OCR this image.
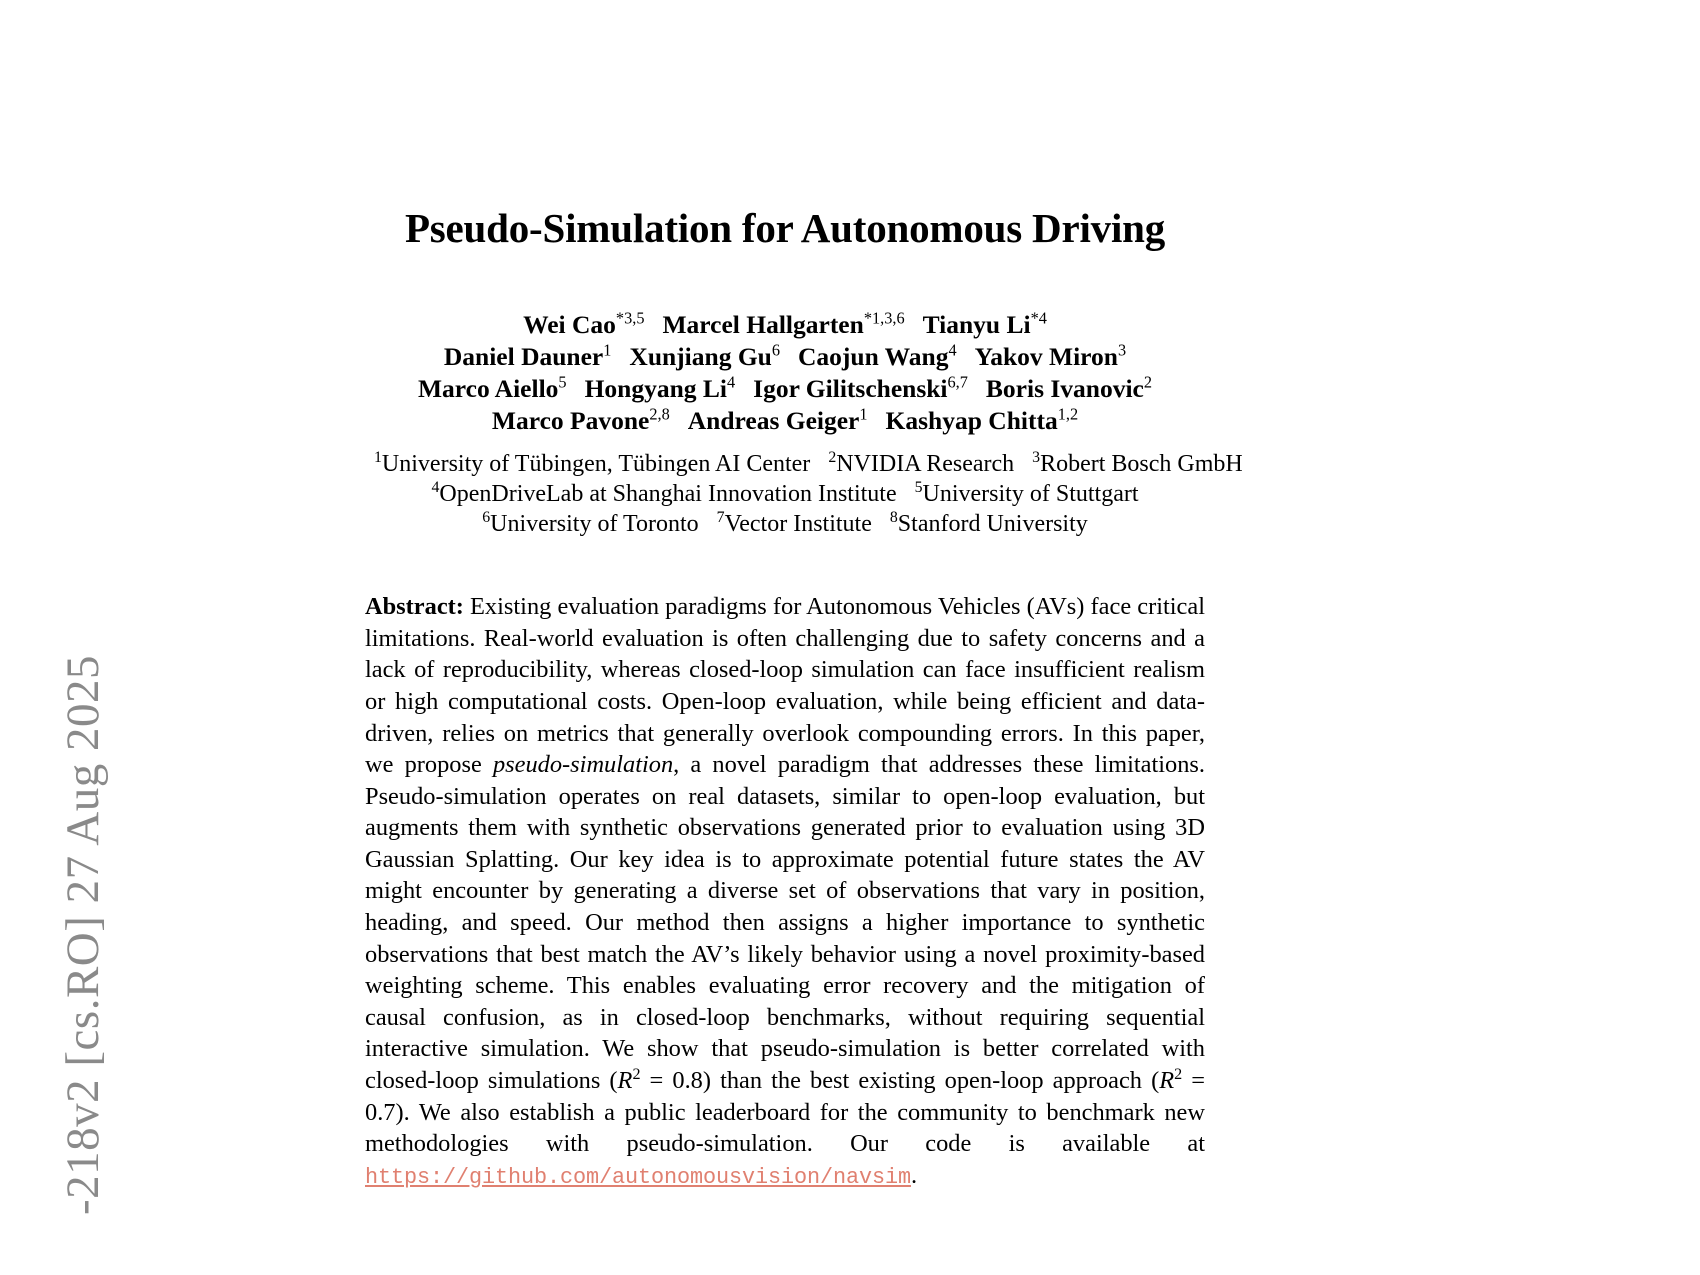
-218v2 [cs.RO] 27 Aug 2025
Pseudo-Simulation for Autonomous Driving
Wei Cao$^{*3,5}$ Marcel Hallgarten$^{*1,3,6}$ Tianyu Li$^{*4}$
Daniel Dauner$^1$ Xunjiang Gu$^6$ Caojun Wang$^4$ Yakov Miron$^3$
Marco Aiello$^5$ Hongyang Li$^4$ Igor Gilitschenski$^{6,7}$ Boris Ivanovic$^2$
Marco Pavone$^{2,8}$ Andreas Geiger$^1$ Kashyap Chitta$^{1,2}$
$^1$University of Tübingen, Tübingen AI Center $^2$NVIDIA Research $^3$Robert Bosch GmbH
$^4$OpenDriveLab at Shanghai Innovation Institute $^5$University of Stuttgart
$^6$University of Toronto $^7$Vector Institute $^8$Stanford University
Abstract: Existing evaluation paradigms for Autonomous Vehicles (AVs) face critical limitations. Real-world evaluation is often challenging due to safety concerns and a lack of reproducibility, whereas closed-loop simulation can face insufficient realism or high computational costs. Open-loop evaluation, while being efficient and data-driven, relies on metrics that generally overlook compounding errors. In this paper, we propose pseudo-simulation, a novel paradigm that addresses these limitations. Pseudo-simulation operates on real datasets, similar to open-loop evaluation, but augments them with synthetic observations generated prior to evaluation using 3D Gaussian Splatting. Our key idea is to approximate potential future states the AV might encounter by generating a diverse set of observations that vary in position, heading, and speed. Our method then assigns a higher importance to synthetic observations that best match the AV’s likely behavior using a novel proximity-based weighting scheme. This enables evaluating error recovery and the mitigation of causal confusion, as in closed-loop benchmarks, without requiring sequential interactive simulation. We show that pseudo-simulation is better correlated with closed-loop simulations $(R^2 = 0.8)$ than the best existing open-loop approach $(R^2 = 0.7)$. We also establish a public leaderboard for the community to benchmark new methodologies with pseudo-simulation. Our code is available at https://github.com/autonomousvision/navsim.
